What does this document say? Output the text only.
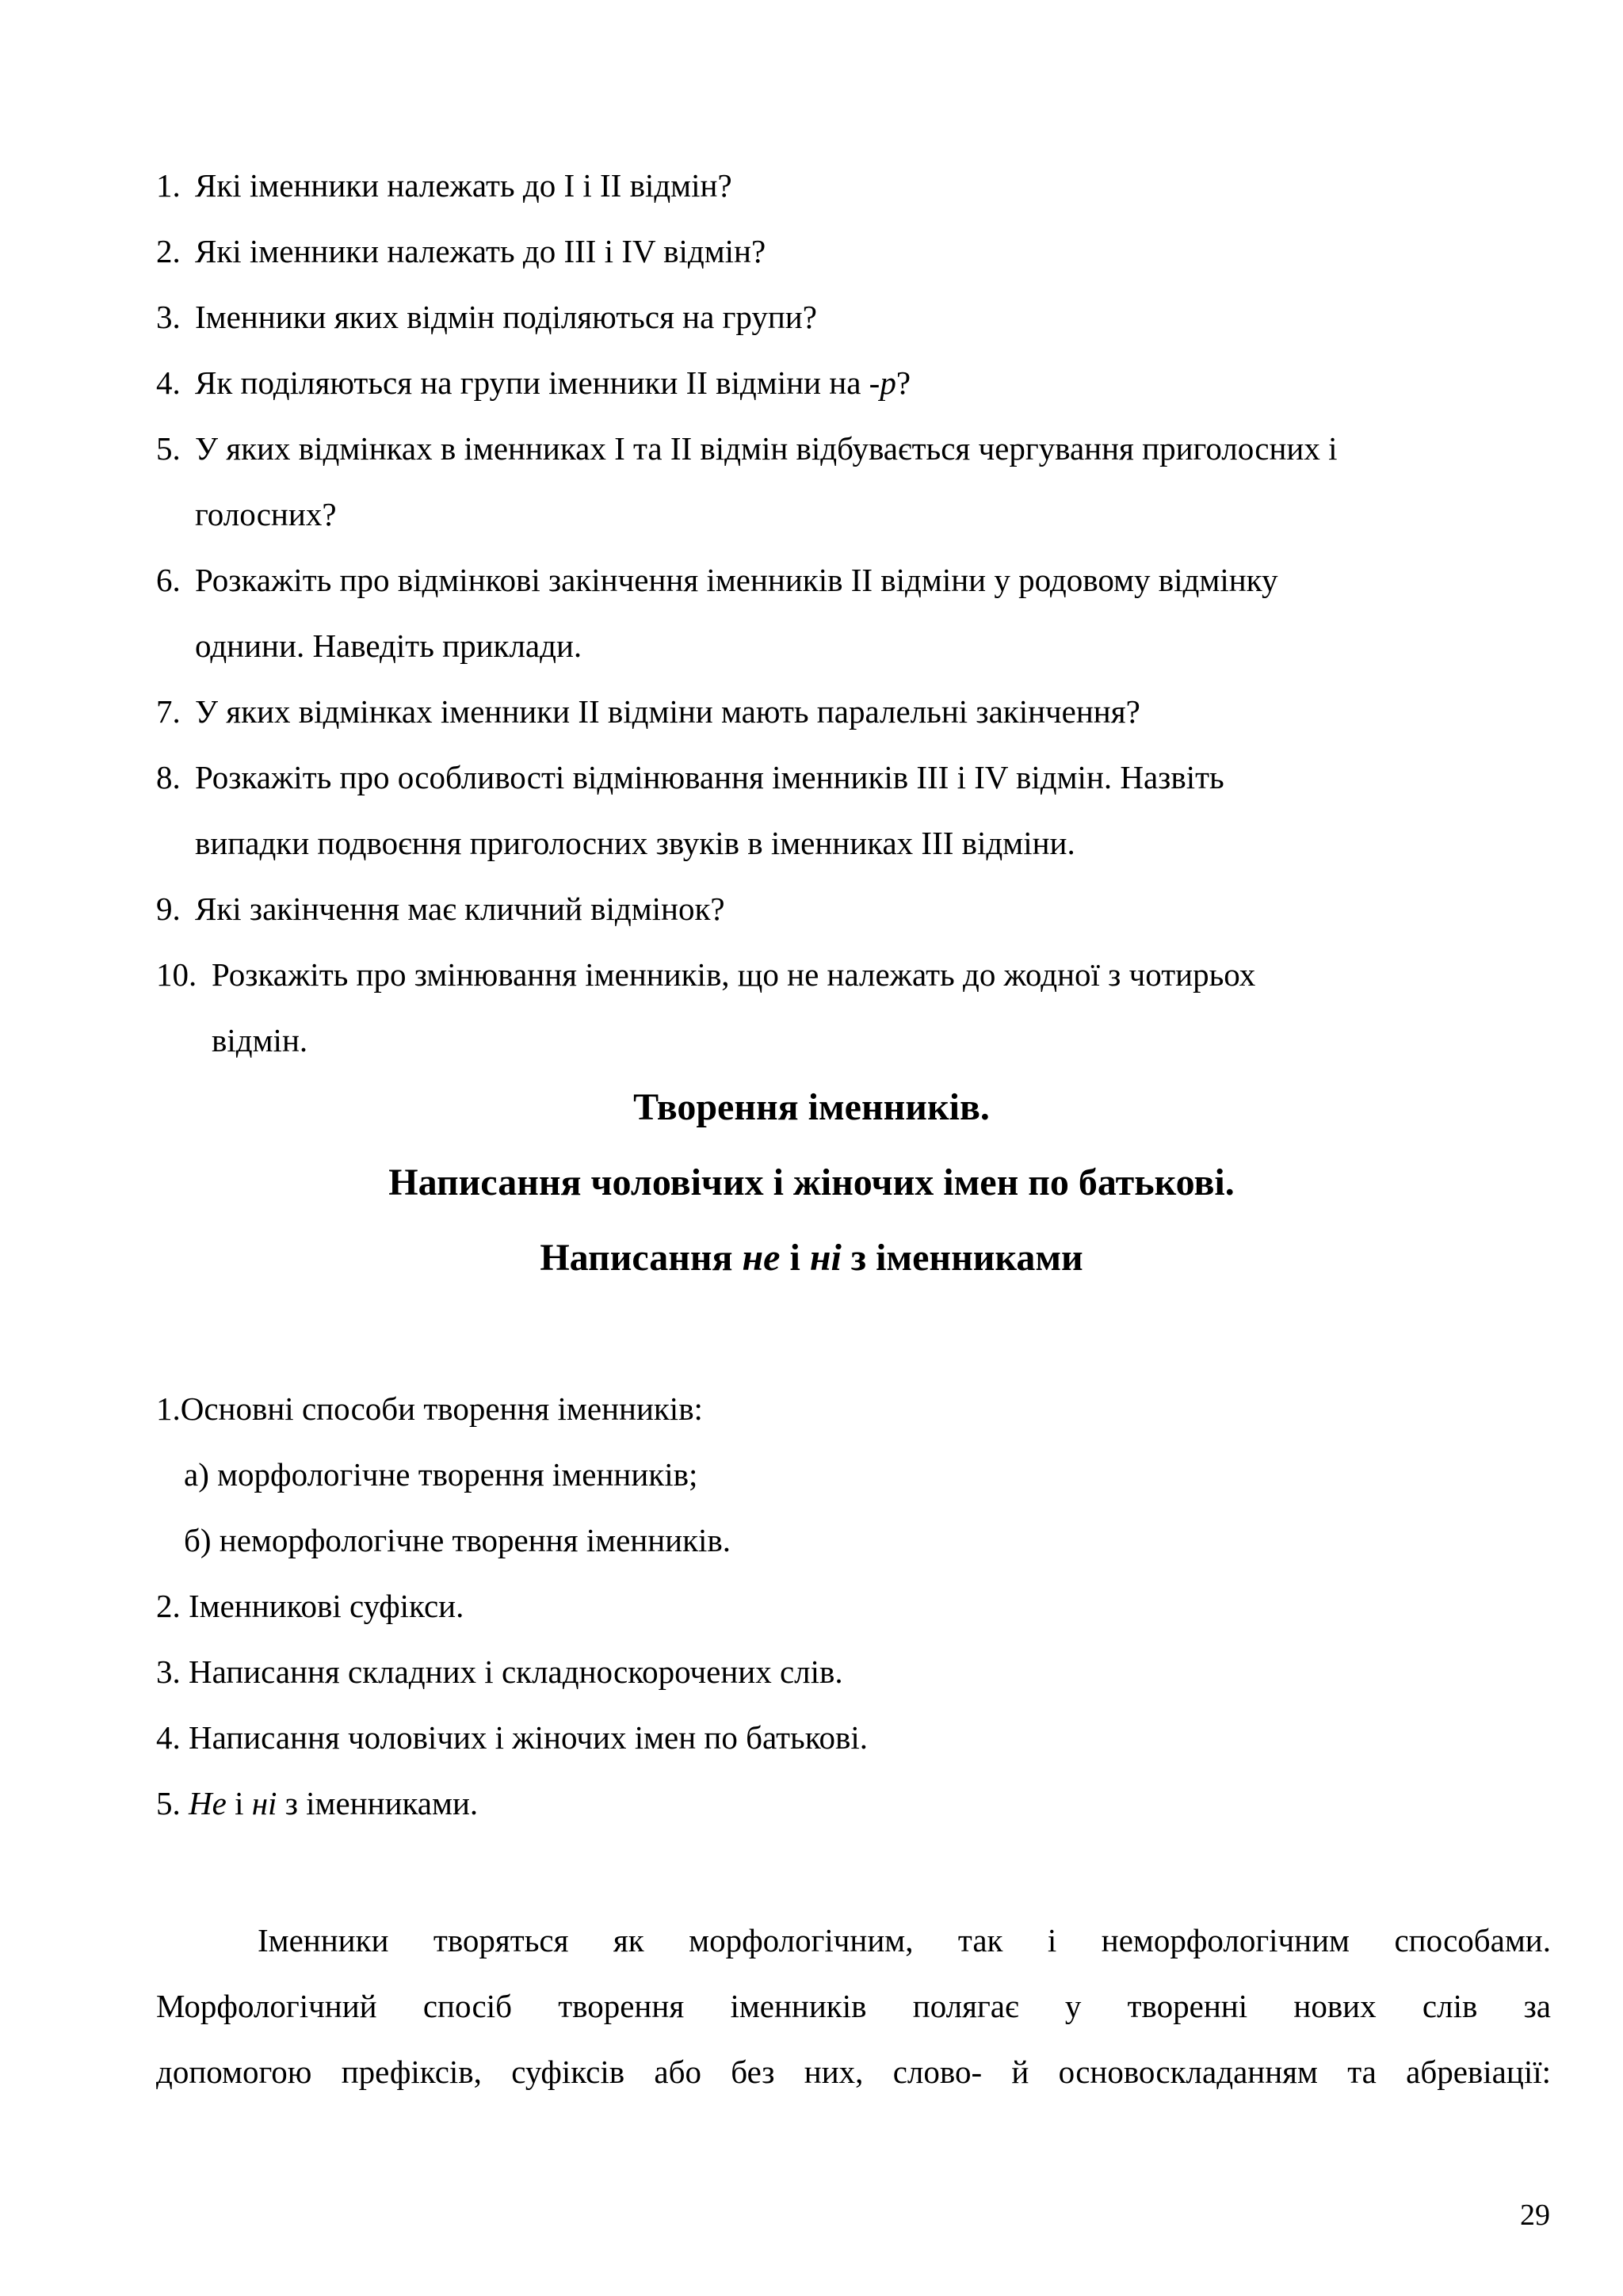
1. Які іменники належать до І і ІІ відмін?
2. Які іменники належать до ІІІ і ІV відмін?
3. Іменники яких відмін поділяються на групи?
4. Як поділяються на групи іменники ІІ відміни на -р?
5. У яких відмінках в іменниках І та ІІ відмін відбувається чергування приголосних і
голосних?
6. Розкажіть про відмінкові закінчення іменників ІІ відміни у родовому відмінку
однини. Наведіть приклади.
7. У яких відмінках іменники ІІ відміни мають паралельні закінчення?
8. Розкажіть про особливості відмінювання іменників ІІІ і ІV відмін. Назвіть
випадки подвоєння приголосних звуків в іменниках ІІІ відміни.
9. Які закінчення має кличний відмінок?
10. Розкажіть про змінювання іменників, що не належать до жодної з чотирьох
відмін.
Творення іменників.
Написання чоловічих і жіночих імен по батькові.
Написання не і ні з іменниками
1.Основні способи творення іменників:
а) морфологічне творення іменників;
б) неморфологічне творення іменників.
2. Іменникові суфікси.
3. Написання складних і складноскорочених слів.
4. Написання чоловічих і жіночих імен по батькові.
5. Не і ні з іменниками.
Іменники творяться як морфологічним, так і неморфологічним способами.
Морфологічний спосіб творення іменників полягає у творенні нових слів за
допомогою префіксів, суфіксів або без них, слово- й основоскладанням та абревіації:
29
